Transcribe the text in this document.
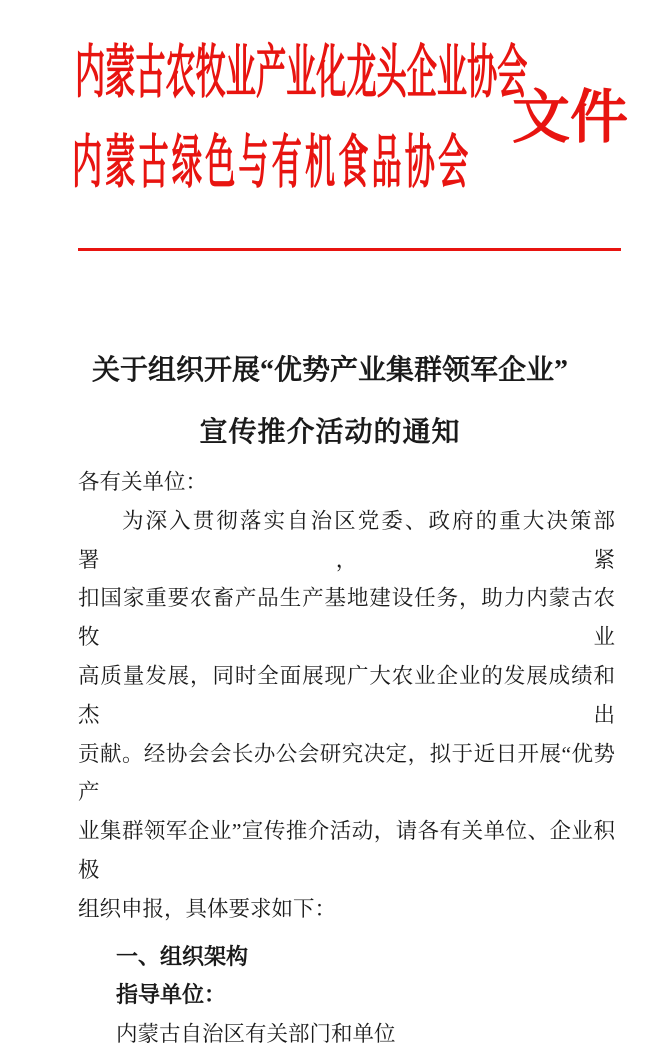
内蒙古农牧业产业化龙头企业协会
文件
内蒙古绿色与有机食品协会
关于组织开展“优势产业集群领军企业”
宣传推介活动的通知
各有关单位：
为深入贯彻落实自治区党委、政府的重大决策部署，紧
扣国家重要农畜产品生产基地建设任务，助力内蒙古农牧业
高质量发展，同时全面展现广大农业企业的发展成绩和杰出
贡献。经协会会长办公会研究决定，拟于近日开展“优势产
业集群领军企业”宣传推介活动，请各有关单位、企业积极
组织申报，具体要求如下：
一、组织架构
指导单位：
内蒙古自治区有关部门和单位
